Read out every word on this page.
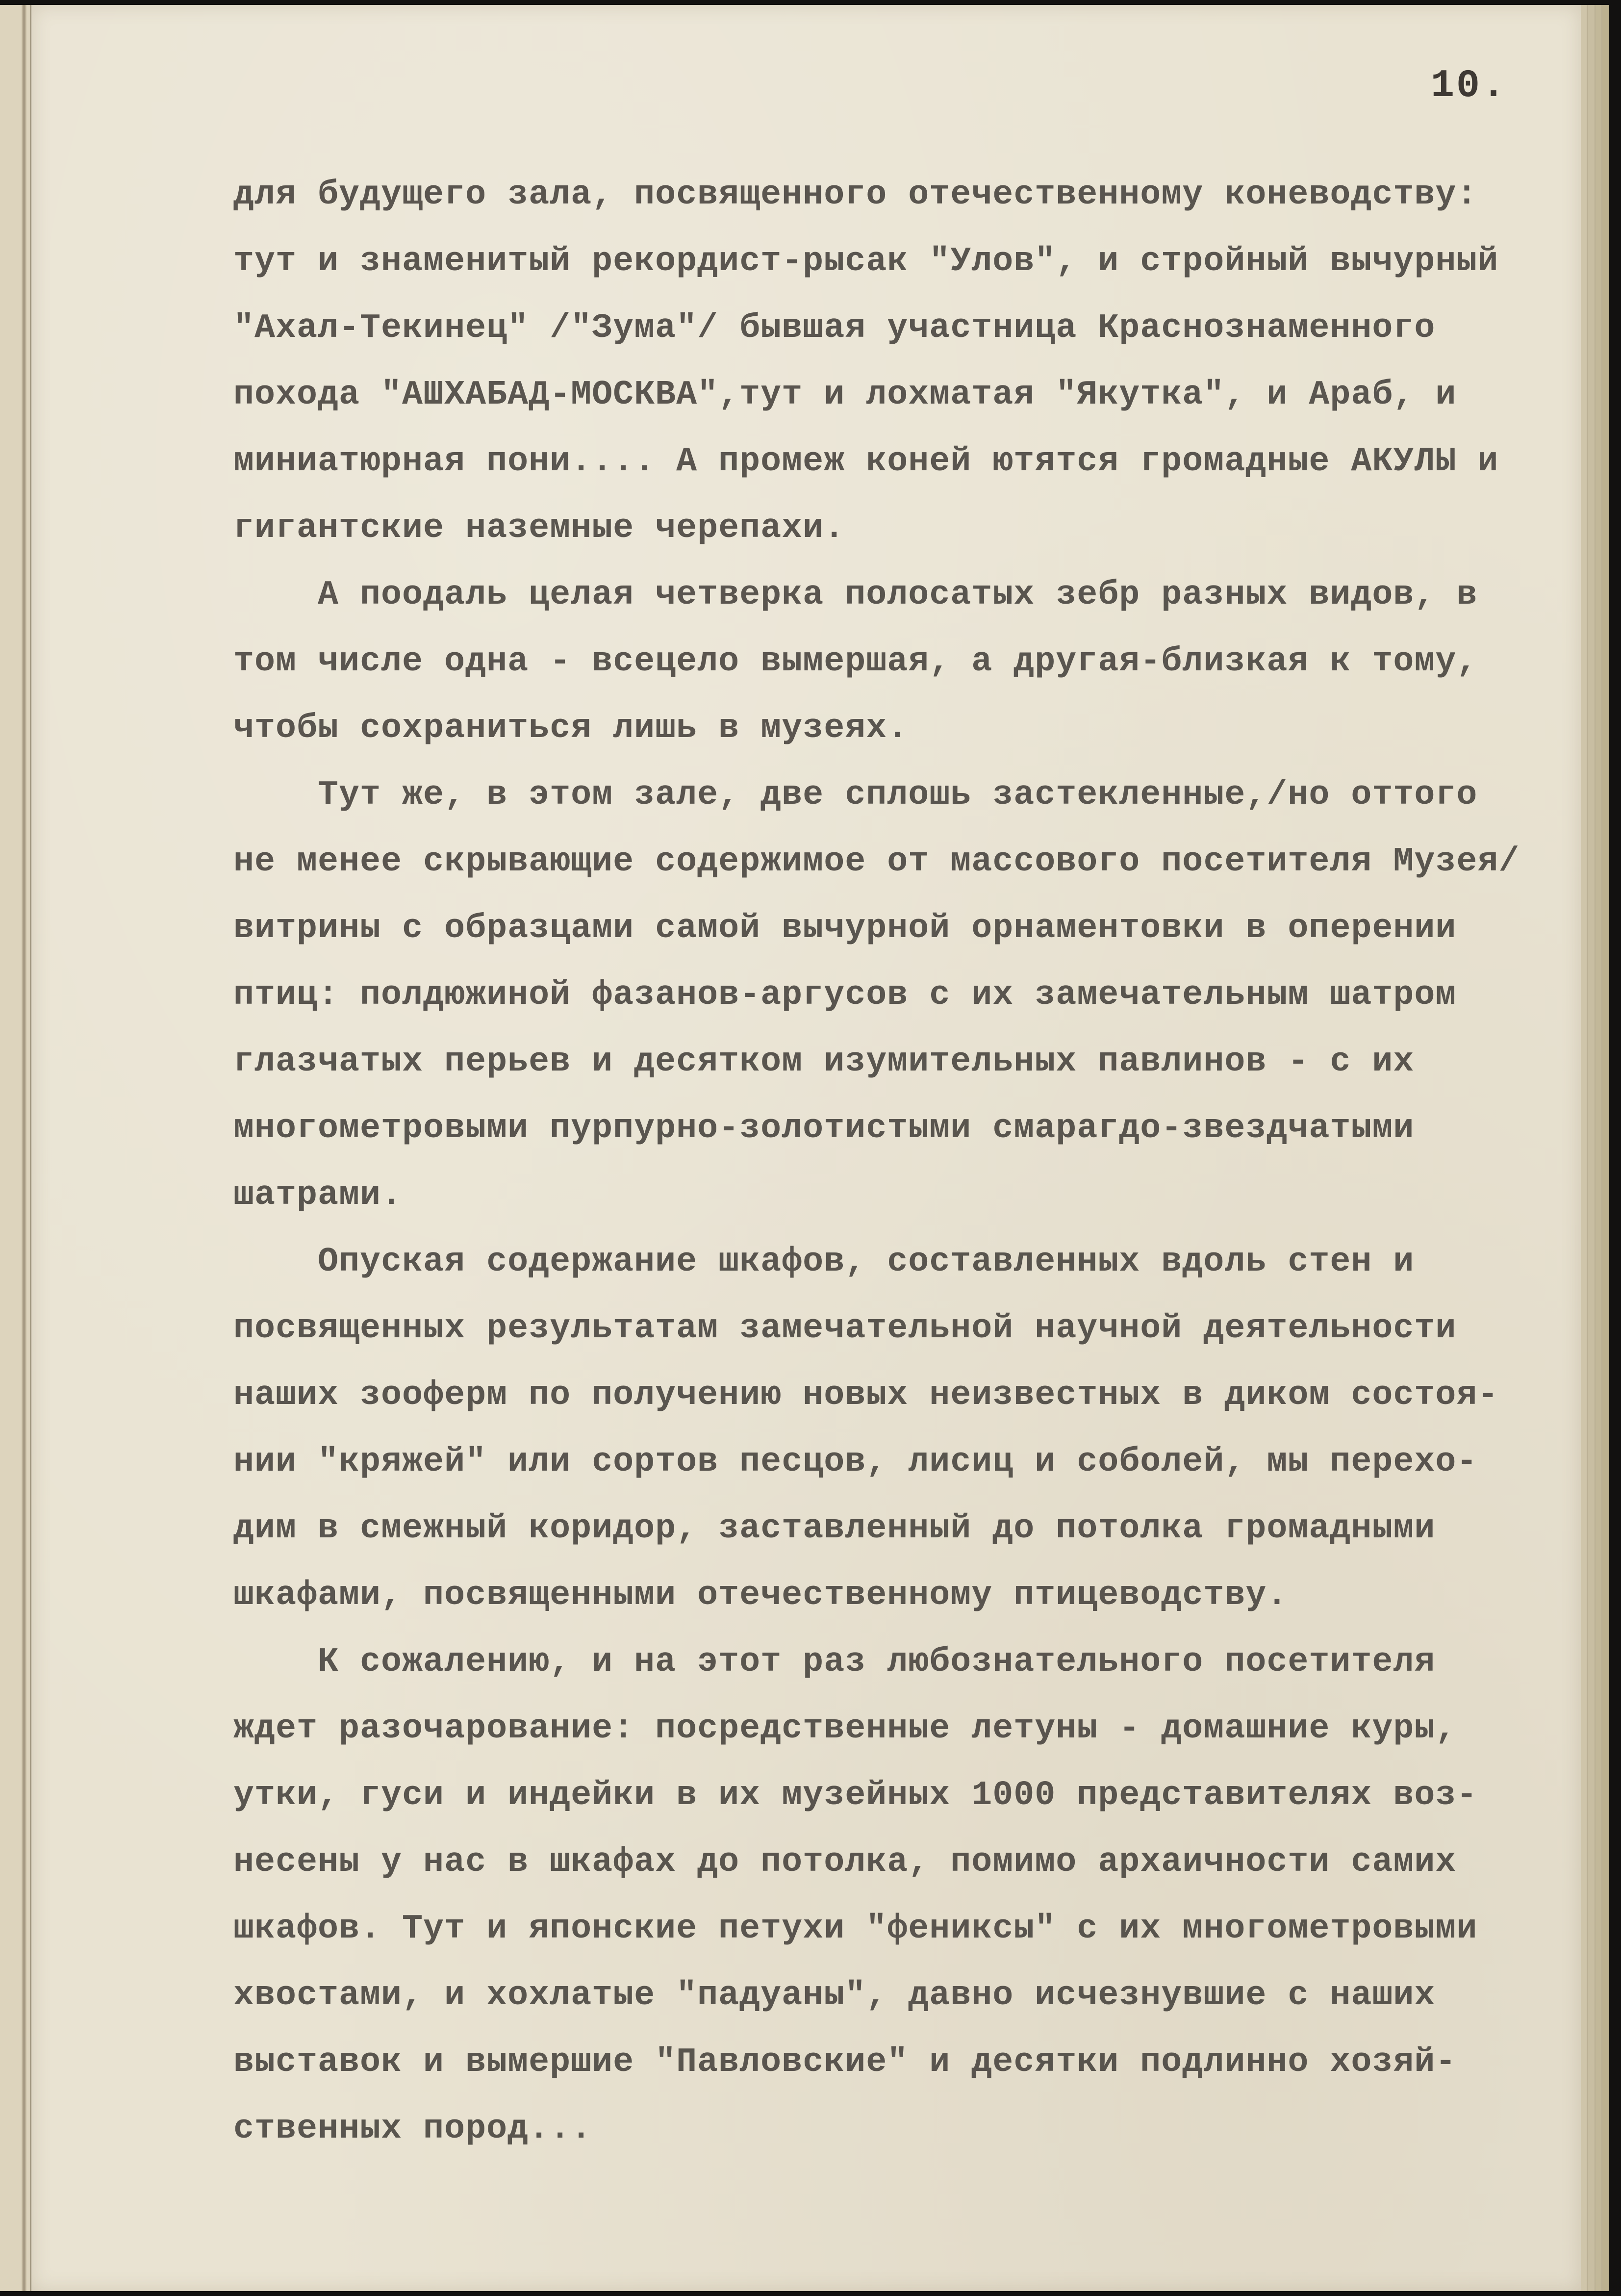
10.
для будущего зала, посвященного отечественному коневодству:
тут и знаменитый рекордист-рысак "Улов", и стройный вычурный
"Ахал-Текинец" /"Зума"/ бывшая участница Краснознаменного
похода "АШХАБАД-МОСКВА",тут и лохматая "Якутка", и Араб, и
миниатюрная пони.... А промеж коней ютятся громадные АКУЛЫ и
гигантские наземные черепахи.
А поодаль целая четверка полосатых зебр разных видов, в
том числе одна - всецело вымершая, а другая-близкая к тому,
чтобы сохраниться лишь в музеях.
Тут же, в этом зале, две сплошь застекленные,/но оттого
не менее скрывающие содержимое от массового посетителя Музея/
витрины с образцами самой вычурной орнаментовки в оперении
птиц: полдюжиной фазанов-аргусов с их замечательным шатром
глазчатых перьев и десятком изумительных павлинов - с их
многометровыми пурпурно-золотистыми смарагдо-звездчатыми
шатрами.
Опуская содержание шкафов, составленных вдоль стен и
посвященных результатам замечательной научной деятельности
наших зооферм по получению новых неизвестных в диком состоя-
нии "кряжей" или сортов песцов, лисиц и соболей, мы перехо-
дим в смежный коридор, заставленный до потолка громадными
шкафами, посвященными отечественному птицеводству.
К сожалению, и на этот раз любознательного посетителя
ждет разочарование: посредственные летуны - домашние куры,
утки, гуси и индейки в их музейных 1000 представителях воз-
несены у нас в шкафах до потолка, помимо архаичности самих
шкафов. Тут и японские петухи "фениксы" с их многометровыми
хвостами, и хохлатые "падуаны", давно исчезнувшие с наших
выставок и вымершие "Павловские" и десятки подлинно хозяй-
ственных пород...
